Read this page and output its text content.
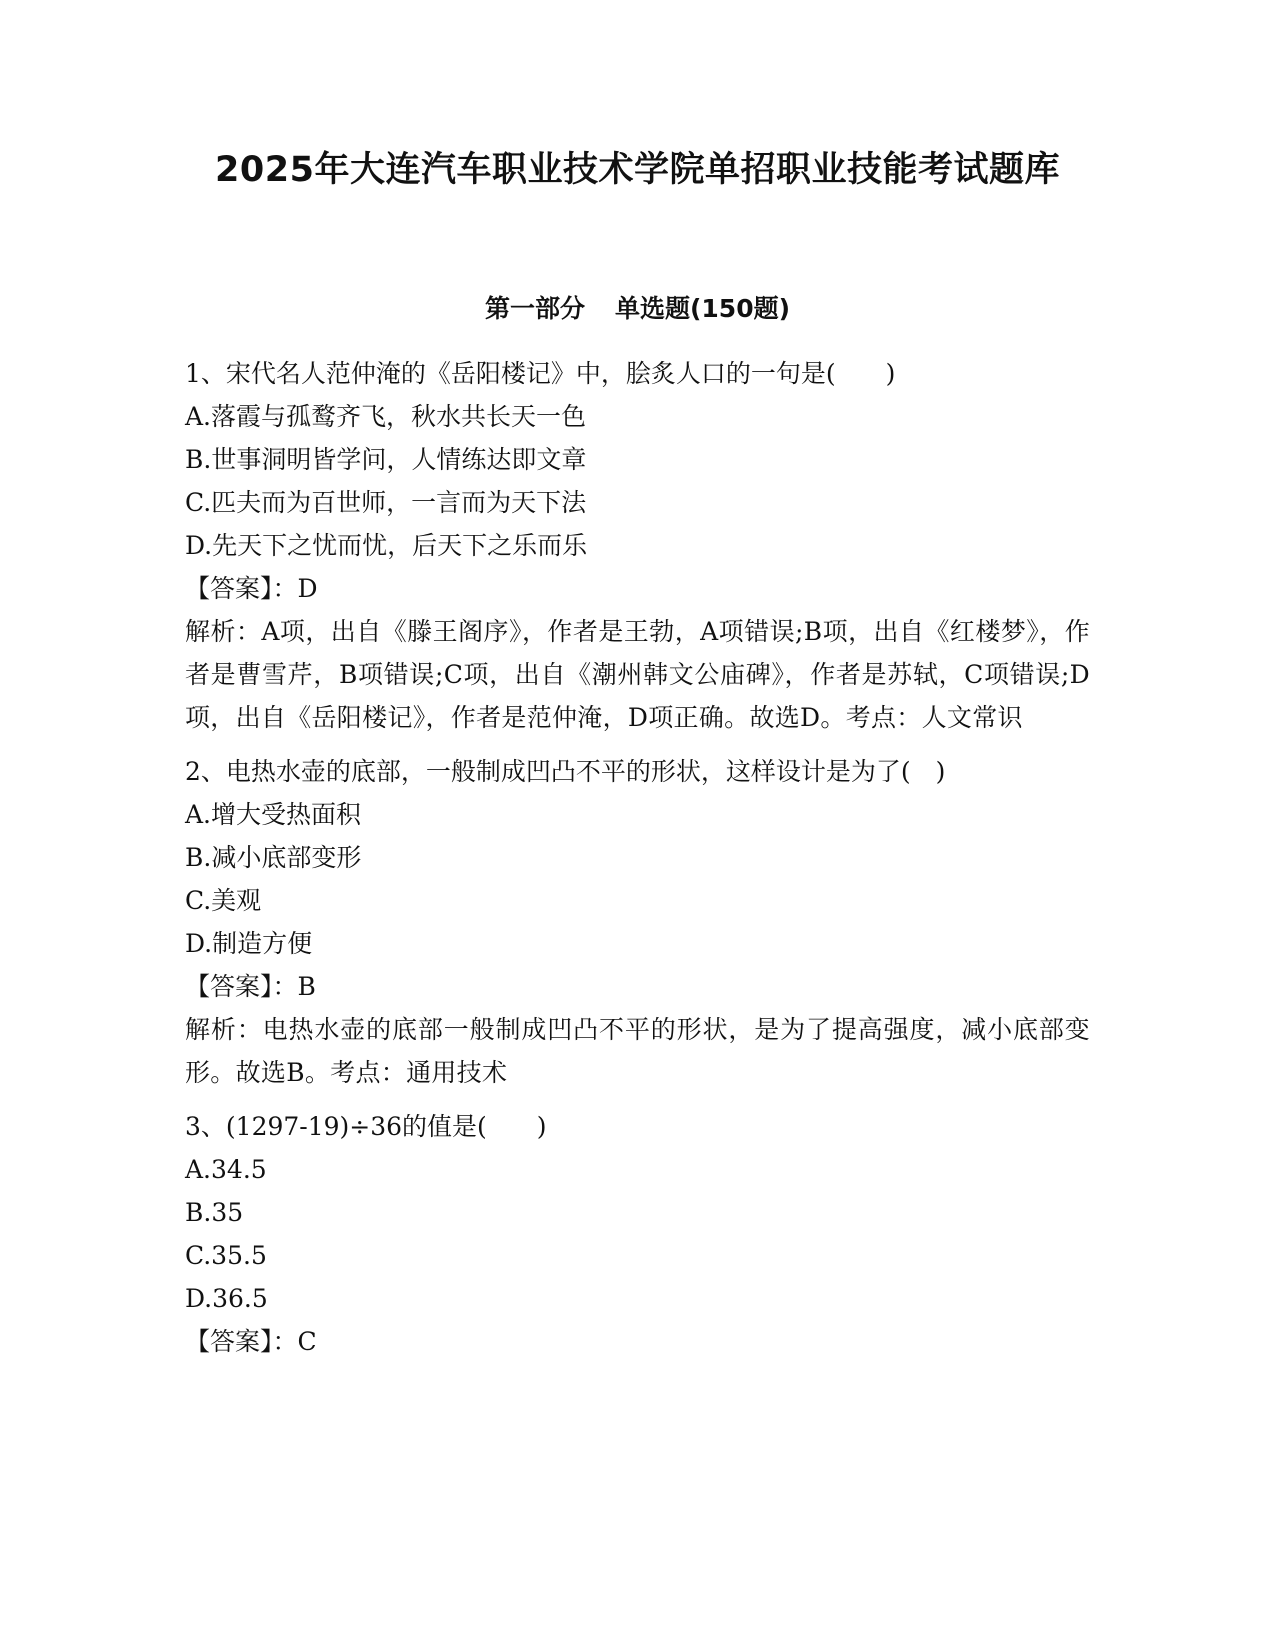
2025年大连汽车职业技术学院单招职业技能考试题库
第一部分 单选题(150题)

1、宋代名人范仲淹的《岳阳楼记》中，脍炙人口的一句是(　　)

A.落霞与孤鹜齐飞，秋水共长天一色

B.世事洞明皆学问，人情练达即文章

C.匹夫而为百世师，一言而为天下法

D.先天下之忧而忧，后天下之乐而乐

【答案】：D

解析：A项，出自《滕王阁序》，作者是王勃，A项错误;B项，出自《红楼梦》，作者是曹雪芹，B项错误;C项，出自《潮州韩文公庙碑》，作者是苏轼，C项错误;D项，出自《岳阳楼记》，作者是范仲淹，D项正确。故选D。考点：人文常识

2、电热水壶的底部，一般制成凹凸不平的形状，这样设计是为了(　)

A.增大受热面积

B.减小底部变形

C.美观

D.制造方便

【答案】：B

解析：电热水壶的底部一般制成凹凸不平的形状，是为了提高强度，减小底部变形。故选B。考点：通用技术

3、(1297-19)÷36的值是(　　)

A.34.5

B.35

C.35.5

D.36.5

【答案】：C
